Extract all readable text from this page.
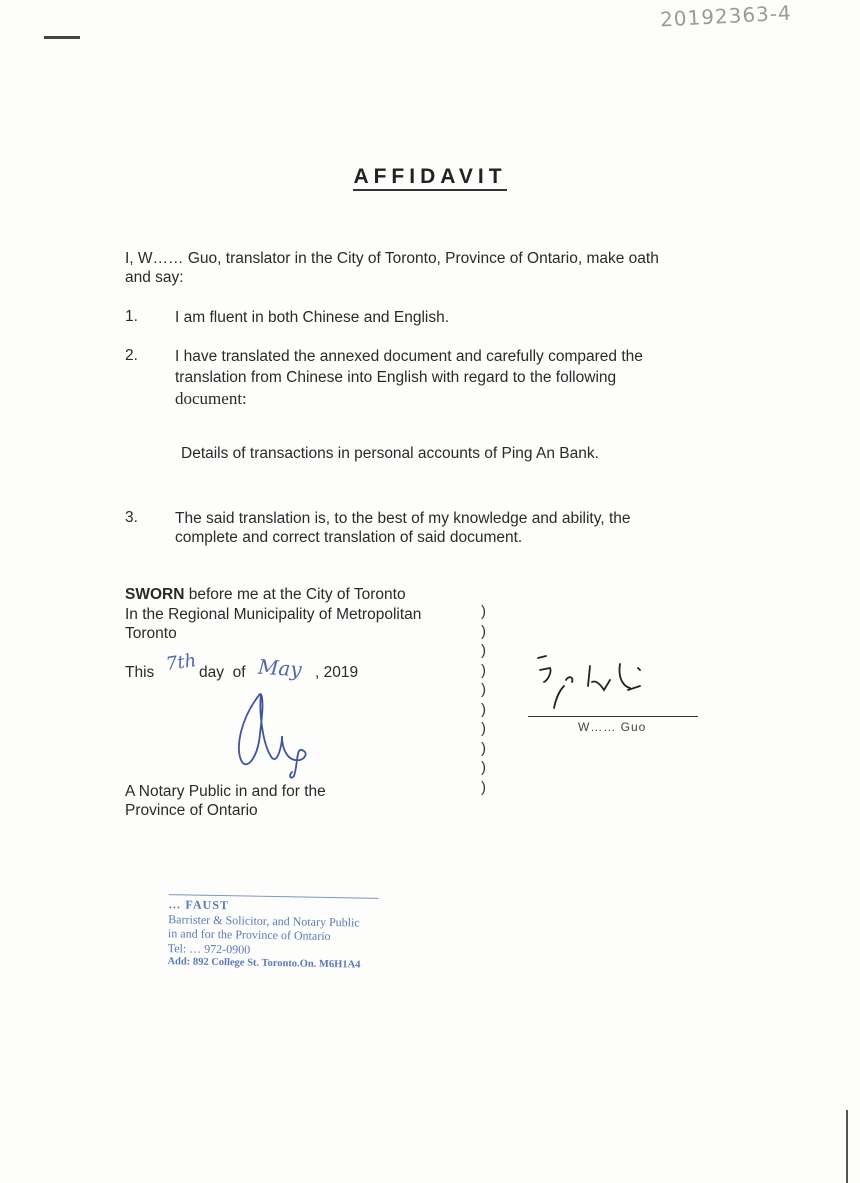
20192363-4
AFFIDAVIT
I, W…… Guo, translator in the City of Toronto, Province of Ontario, make oath
and say:
1. I am fluent in both Chinese and English.
2. I have translated the annexed document and carefully compared the
translation from Chinese into English with regard to the following
document:
Details of transactions in personal accounts of Ping An Bank.
3. The said translation is, to the best of my knowledge and ability, the
complete and correct translation of said document.
SWORN before me at the City of Toronto
In the Regional Municipality of Metropolitan
Toronto
This 7th day  of May , 2019
A Notary Public in and for the
Province of Ontario
)
)
)
)
)
)
)
)
)
)
W…… Guo
… FAUST
Barrister & Solicitor, and Notary Public
in and for the Province of Ontario
Tel: … 972-0900
Add: 892 College St. Toronto.On. M6H1A4
